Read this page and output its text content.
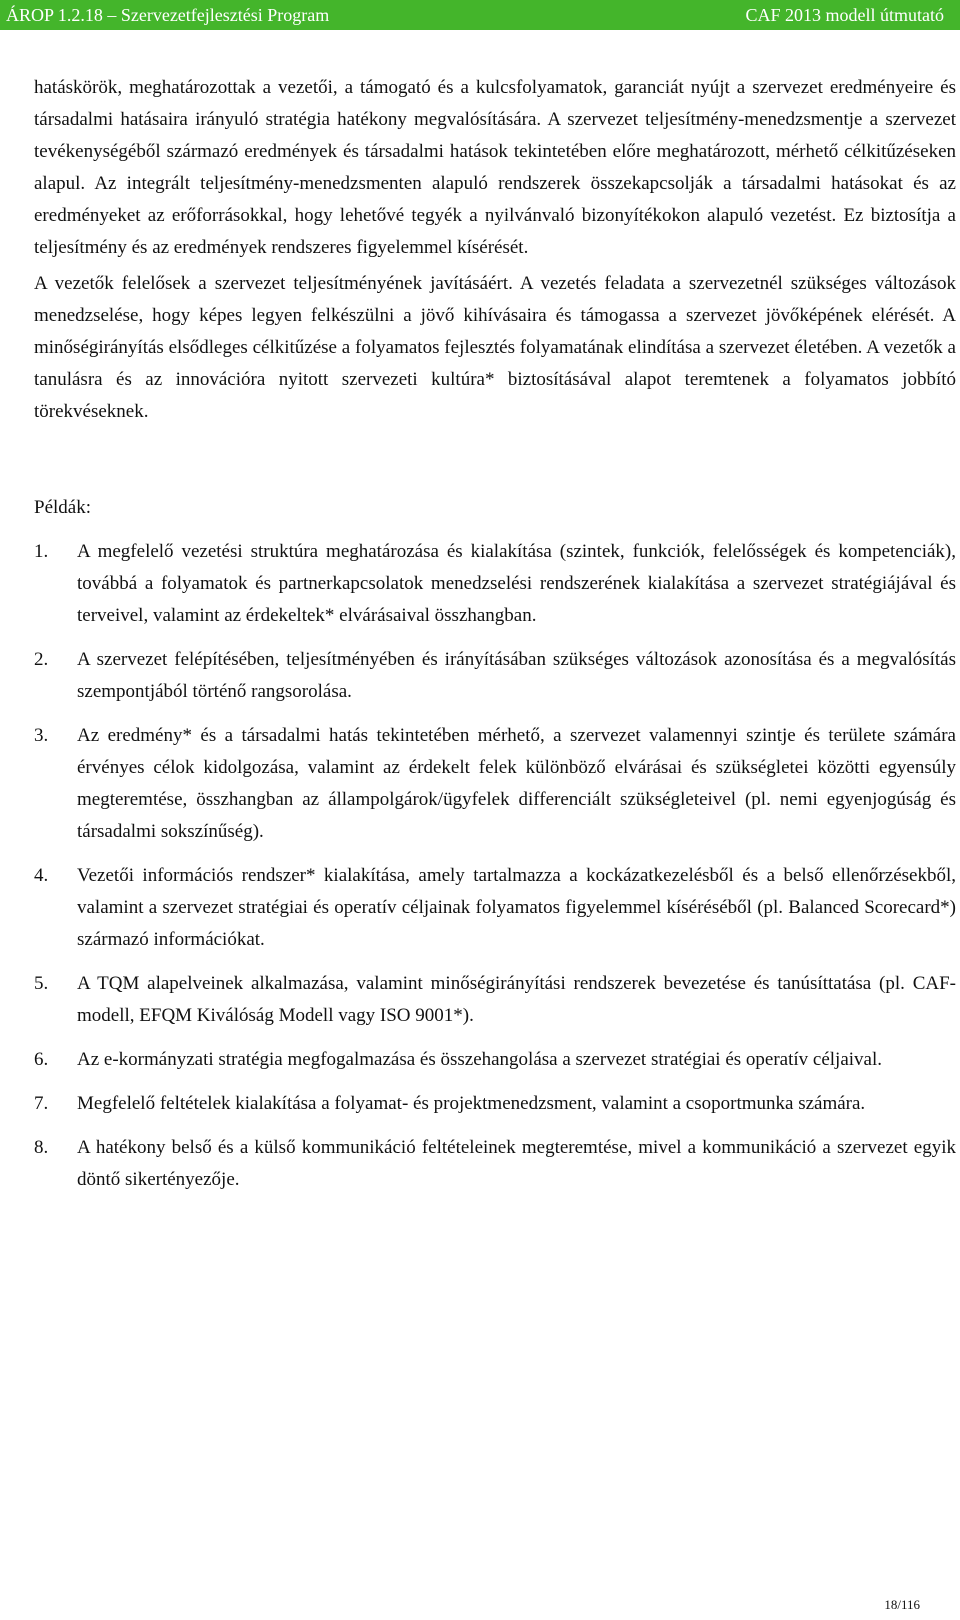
ÁROP 1.2.18 – Szervezetfejlesztési Program	CAF 2013 modell útmutató

hatáskörök, meghatározottak a vezetői, a támogató és a kulcsfolyamatok, garanciát nyújt a szervezet eredményeire és társadalmi hatásaira irányuló stratégia hatékony megvalósítására. A szervezet teljesítmény-menedzsmentje a szervezet tevékenységéből származó eredmények és társadalmi hatások tekintetében előre meghatározott, mérhető célkitűzéseken alapul. Az integrált teljesítmény-menedzsmenten alapuló rendszerek összekapcsolják a társadalmi hatásokat és az eredményeket az erőforrásokkal, hogy lehetővé tegyék a nyilvánvaló bizonyítékokon alapuló vezetést. Ez biztosítja a teljesítmény és az eredmények rendszeres figyelemmel kísérését.

A vezetők felelősek a szervezet teljesítményének javításáért. A vezetés feladata a szervezetnél szükséges változások menedzselése, hogy képes legyen felkészülni a jövő kihívásaira és támogassa a szervezet jövőképének elérését. A minőségirányítás elsődleges célkitűzése a folyamatos fejlesztés folyamatának elindítása a szervezet életében. A vezetők a tanulásra és az innovációra nyitott szervezeti kultúra* biztosításával alapot teremtenek a folyamatos jobbító törekvéseknek.

Példák:

1. A megfelelő vezetési struktúra meghatározása és kialakítása (szintek, funkciók, felelősségek és kompetenciák), továbbá a folyamatok és partnerkapcsolatok menedzselési rendszerének kialakítása a szervezet stratégiájával és terveivel, valamint az érdekeltek* elvárásaival összhangban.
2. A szervezet felépítésében, teljesítményében és irányításában szükséges változások azonosítása és a megvalósítás szempontjából történő rangsorolása.
3. Az eredmény* és a társadalmi hatás tekintetében mérhető, a szervezet valamennyi szintje és területe számára érvényes célok kidolgozása, valamint az érdekelt felek különböző elvárásai és szükségletei közötti egyensúly megteremtése, összhangban az állampolgárok/ügyfelek differenciált szükségleteivel (pl. nemi egyenjogúság és társadalmi sokszínűség).
4. Vezetői információs rendszer* kialakítása, amely tartalmazza a kockázatkezelésből és a belső ellenőrzésekből, valamint a szervezet stratégiai és operatív céljainak folyamatos figyelemmel kíséréséből (pl. Balanced Scorecard*) származó információkat.
5. A TQM alapelveinek alkalmazása, valamint minőségirányítási rendszerek bevezetése és tanúsíttatása (pl. CAF-modell, EFQM Kiválóság Modell vagy ISO 9001*).
6. Az e-kormányzati stratégia megfogalmazása és összehangolása a szervezet stratégiai és operatív céljaival.
7. Megfelelő feltételek kialakítása a folyamat- és projektmenedzsment, valamint a csoportmunka számára.
8. A hatékony belső és a külső kommunikáció feltételeinek megteremtése, mivel a kommunikáció a szervezet egyik döntő sikertényezője.
18/116
